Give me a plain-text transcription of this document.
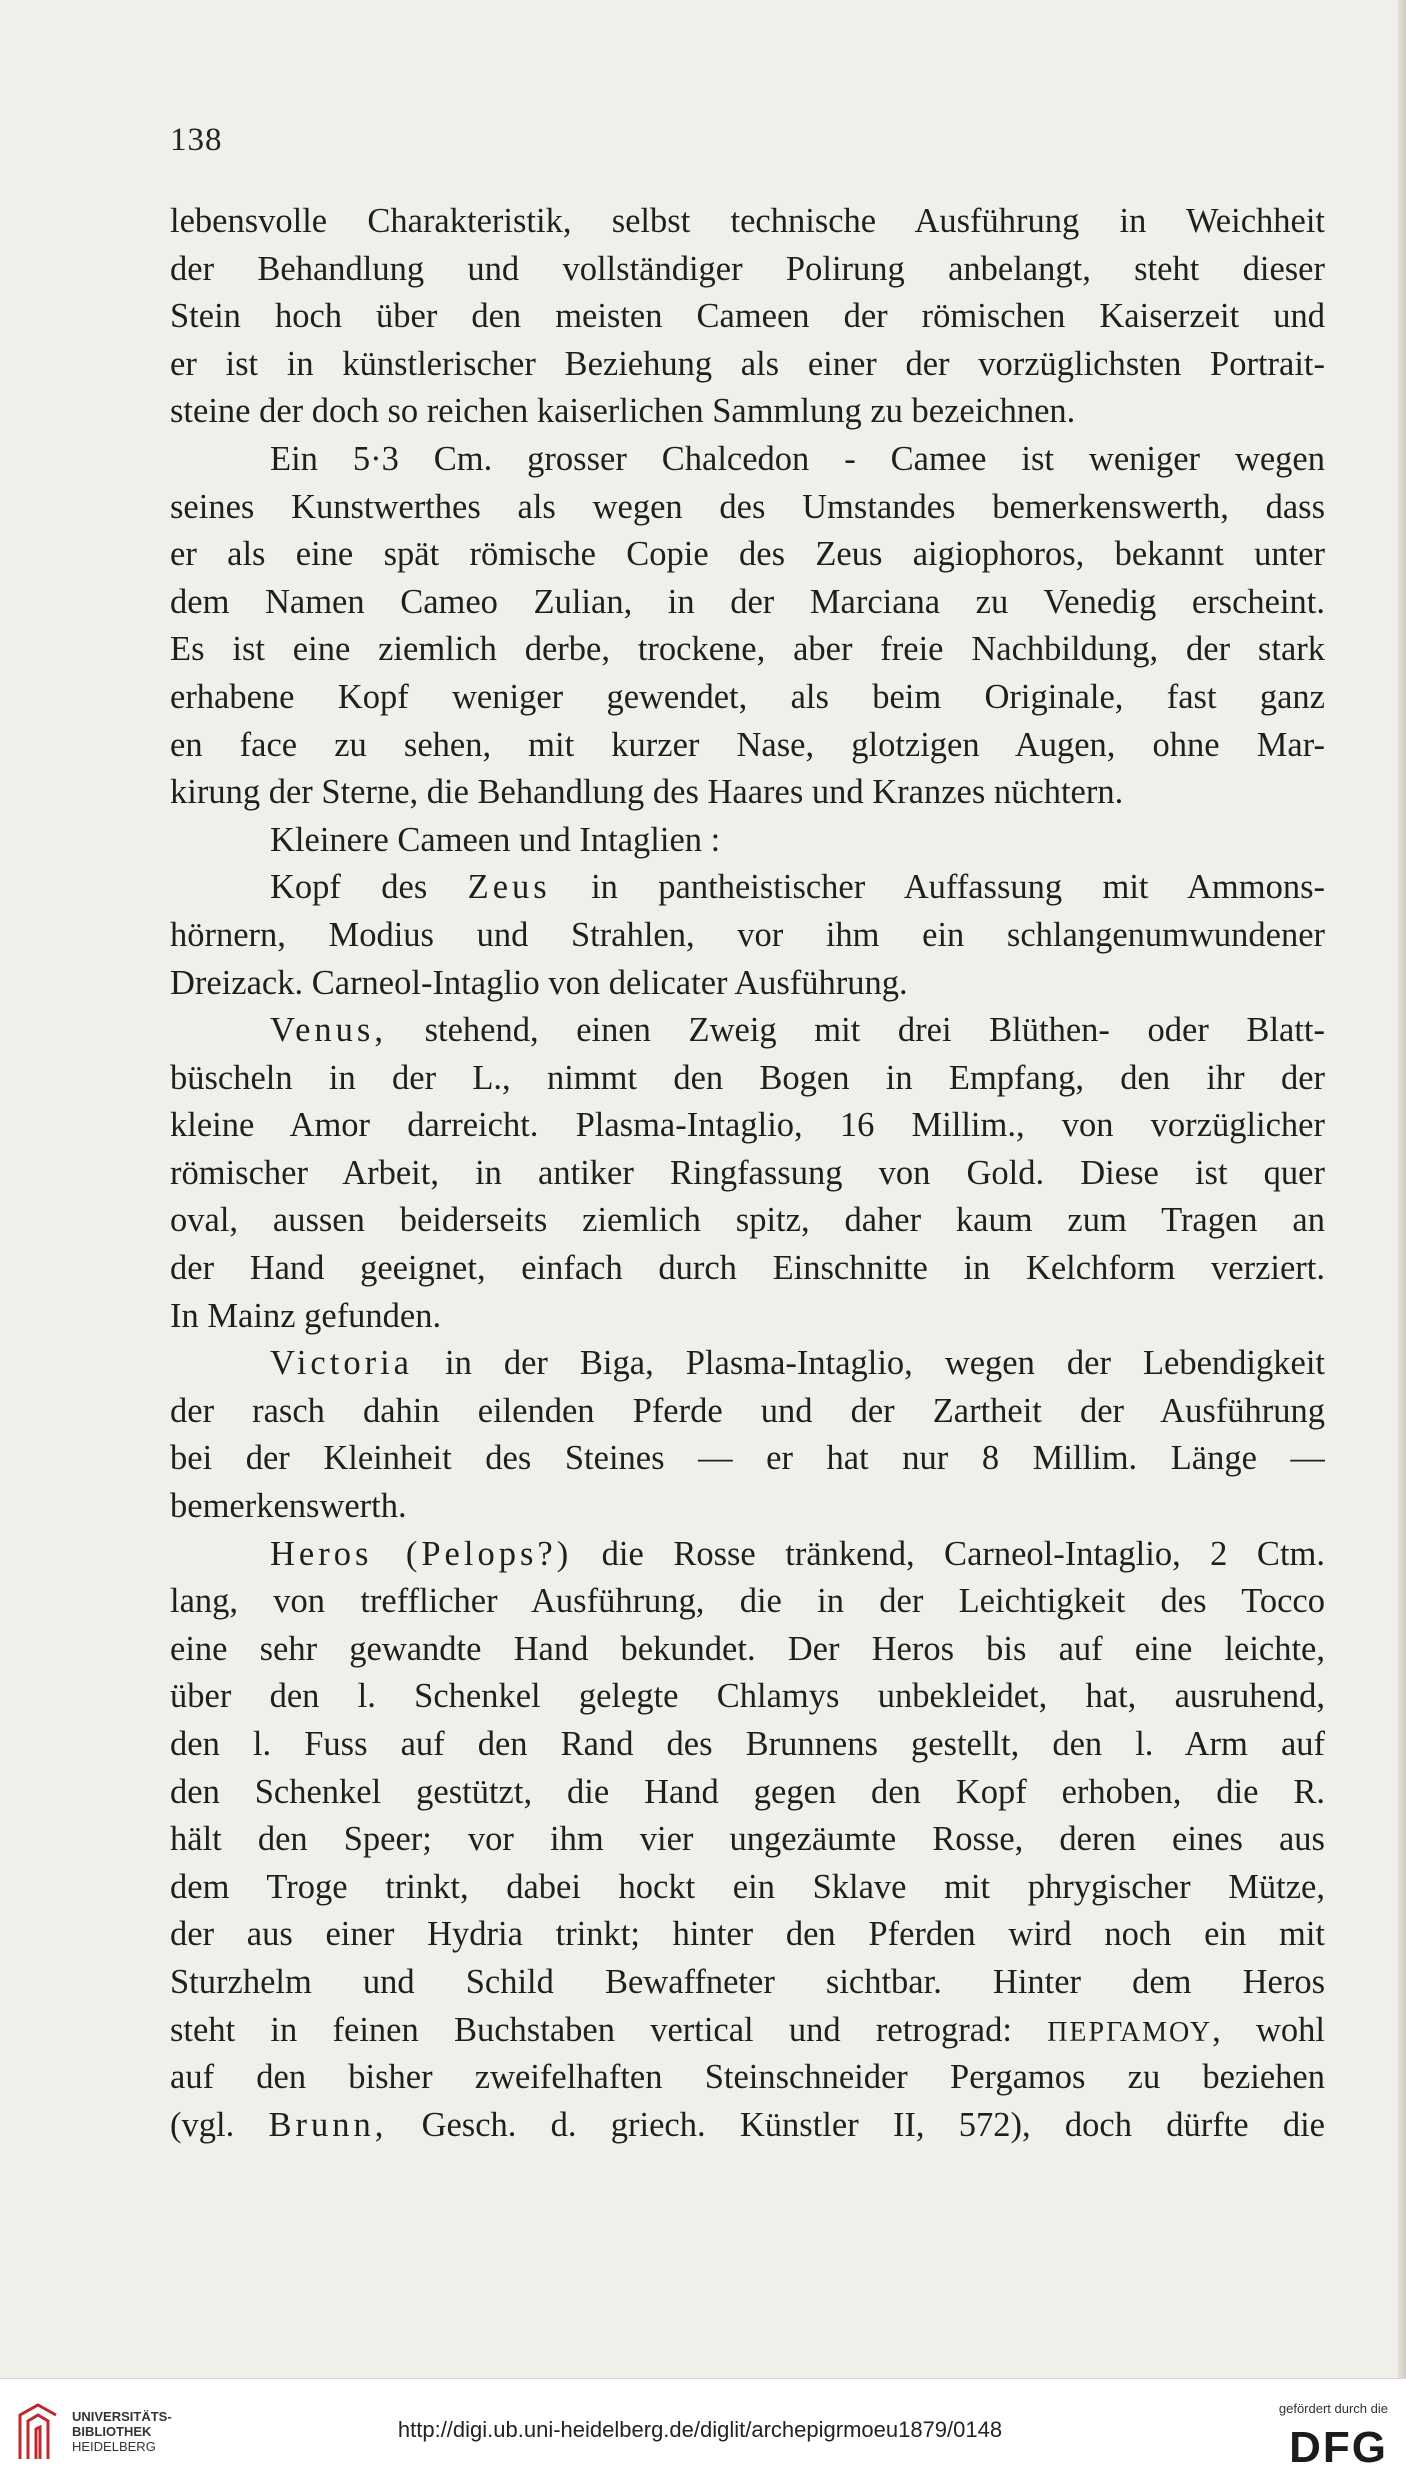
138
lebensvolle Charakteristik, selbst technische Ausführung in Weichheit
der Behandlung und vollständiger Polirung anbelangt, steht dieser
Stein hoch über den meisten Cameen der römischen Kaiserzeit und
er ist in künstlerischer Beziehung als einer der vorzüglichsten Portrait-
steine der doch so reichen kaiserlichen Sammlung zu bezeichnen.
Ein 5·3 Cm. grosser Chalcedon - Camee ist weniger wegen
seines Kunstwerthes als wegen des Umstandes bemerkenswerth, dass
er als eine spät römische Copie des Zeus aigiophoros, bekannt unter
dem Namen Cameo Zulian, in der Marciana zu Venedig erscheint.
Es ist eine ziemlich derbe, trockene, aber freie Nachbildung, der stark
erhabene Kopf weniger gewendet, als beim Originale, fast ganz
en face zu sehen, mit kurzer Nase, glotzigen Augen, ohne Mar-
kirung der Sterne, die Behandlung des Haares und Kranzes nüchtern.
Kleinere Cameen und Intaglien :
Kopf des Zeus in pantheistischer Auffassung mit Ammons-
hörnern, Modius und Strahlen, vor ihm ein schlangenumwundener
Dreizack. Carneol-Intaglio von delicater Ausführung.
Venus, stehend, einen Zweig mit drei Blüthen- oder Blatt-
büscheln in der L., nimmt den Bogen in Empfang, den ihr der
kleine Amor darreicht. Plasma-Intaglio, 16 Millim., von vorzüglicher
römischer Arbeit, in antiker Ringfassung von Gold. Diese ist quer
oval, aussen beiderseits ziemlich spitz, daher kaum zum Tragen an
der Hand geeignet, einfach durch Einschnitte in Kelchform verziert.
In Mainz gefunden.
Victoria in der Biga, Plasma-Intaglio, wegen der Lebendigkeit
der rasch dahin eilenden Pferde und der Zartheit der Ausführung
bei der Kleinheit des Steines — er hat nur 8 Millim. Länge —
bemerkenswerth.
Heros (Pelops?) die Rosse tränkend, Carneol-Intaglio, 2 Ctm.
lang, von trefflicher Ausführung, die in der Leichtigkeit des Tocco
eine sehr gewandte Hand bekundet. Der Heros bis auf eine leichte,
über den l. Schenkel gelegte Chlamys unbekleidet, hat, ausruhend,
den l. Fuss auf den Rand des Brunnens gestellt, den l. Arm auf
den Schenkel gestützt, die Hand gegen den Kopf erhoben, die R.
hält den Speer; vor ihm vier ungezäumte Rosse, deren eines aus
dem Troge trinkt, dabei hockt ein Sklave mit phrygischer Mütze,
der aus einer Hydria trinkt; hinter den Pferden wird noch ein mit
Sturzhelm und Schild Bewaffneter sichtbar. Hinter dem Heros
steht in feinen Buchstaben vertical und retrograd: ΠΕΡΓΑΜΟΥ, wohl
auf den bisher zweifelhaften Steinschneider Pergamos zu beziehen
(vgl. Brunn, Gesch. d. griech. Künstler II, 572), doch dürfte die
UNIVERSITÄTS-
BIBLIOTHEK
HEIDELBERG
http://digi.ub.uni-heidelberg.de/diglit/archepigrmoeu1879/0148
gefördert durch die
DFG
